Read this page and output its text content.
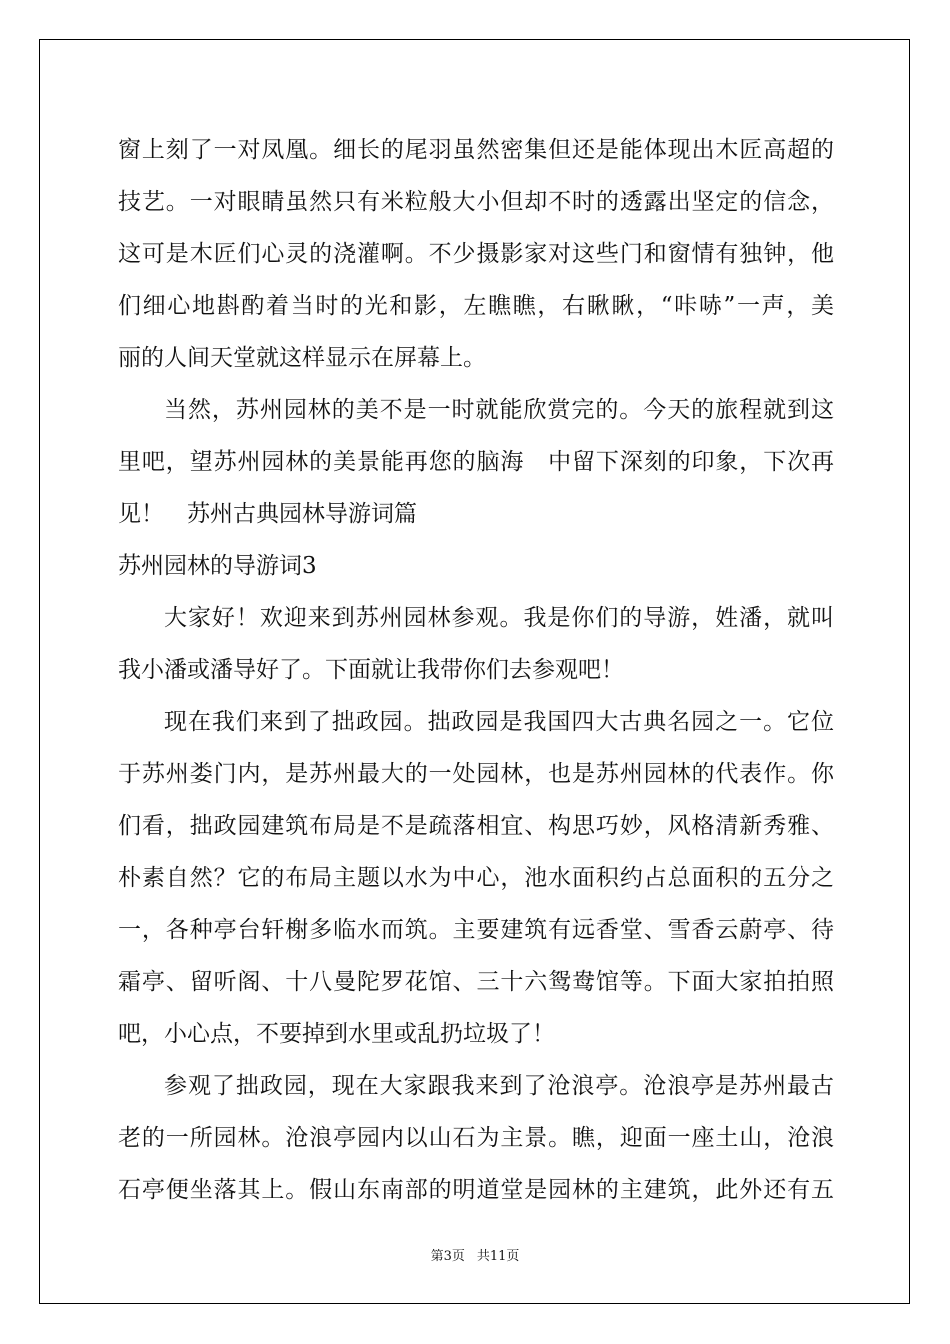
窗上刻了一对凤凰。细长的尾羽虽然密集但还是能体现出木匠高超的
技艺。一对眼睛虽然只有米粒般大小但却不时的透露出坚定的信念，
这可是木匠们心灵的浇灌啊。不少摄影家对这些门和窗情有独钟，他
们细心地斟酌着当时的光和影，左瞧瞧，右瞅瞅，“咔哧”一声，美
丽的人间天堂就这样显示在屏幕上。
当然，苏州园林的美不是一时就能欣赏完的。今天的旅程就到这
里吧，望苏州园林的美景能再您的脑海　中留下深刻的印象，下次再
见！　苏州古典园林导游词篇
苏州园林的导游词3
大家好！欢迎来到苏州园林参观。我是你们的导游，姓潘，就叫
我小潘或潘导好了。下面就让我带你们去参观吧！
现在我们来到了拙政园。拙政园是我国四大古典名园之一。它位
于苏州娄门内，是苏州最大的一处园林，也是苏州园林的代表作。你
们看，拙政园建筑布局是不是疏落相宜、构思巧妙，风格清新秀雅、
朴素自然？它的布局主题以水为中心，池水面积约占总面积的五分之
一，各种亭台轩榭多临水而筑。主要建筑有远香堂、雪香云蔚亭、待
霜亭、留听阁、十八曼陀罗花馆、三十六鸳鸯馆等。下面大家拍拍照
吧，小心点，不要掉到水里或乱扔垃圾了！
参观了拙政园，现在大家跟我来到了沧浪亭。沧浪亭是苏州最古
老的一所园林。沧浪亭园内以山石为主景。瞧，迎面一座土山，沧浪
石亭便坐落其上。假山东南部的明道堂是园林的主建筑，此外还有五
第3页 共11页
